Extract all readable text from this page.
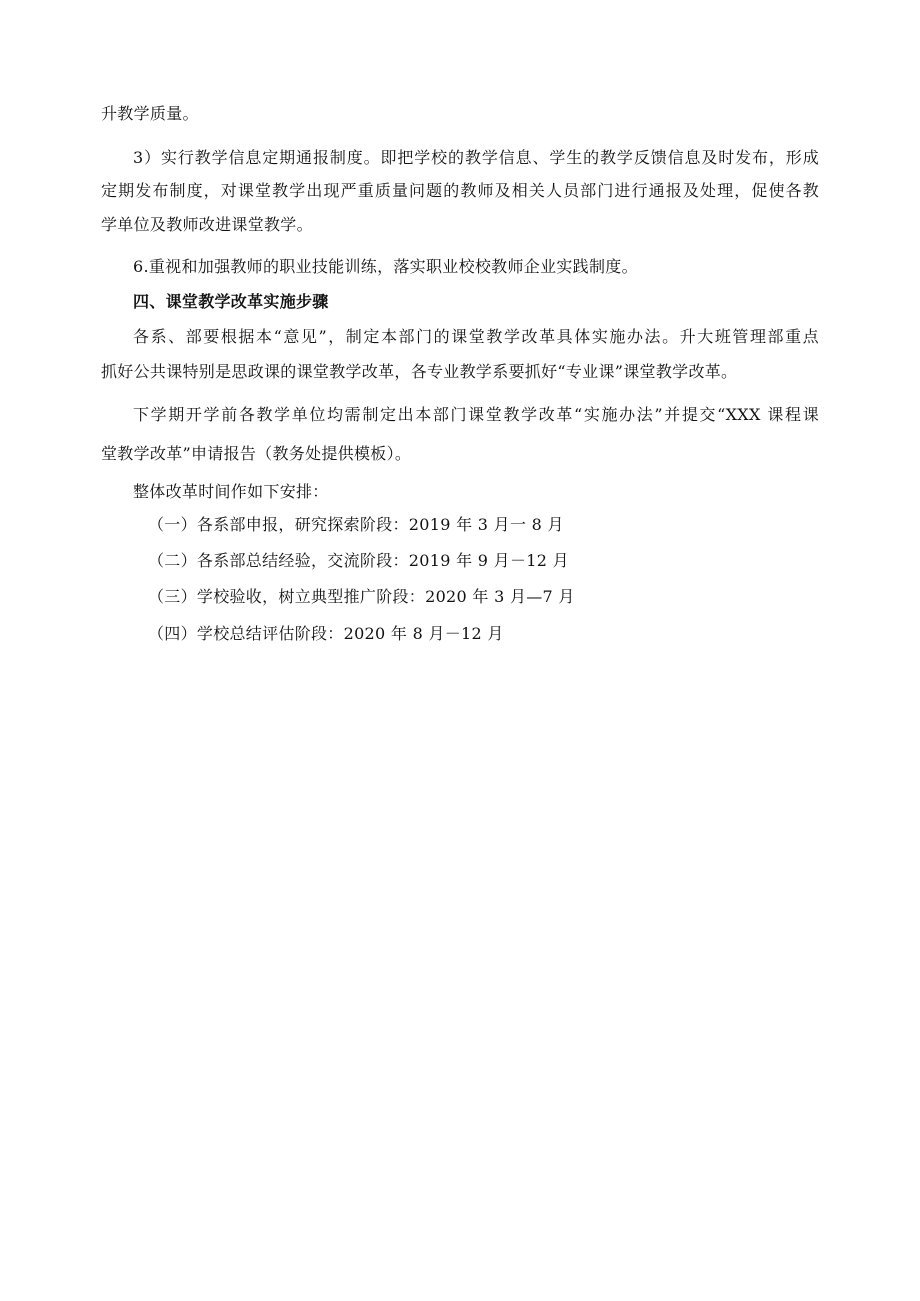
升教学质量。
3）实行教学信息定期通报制度。即把学校的教学信息、学生的教学反馈信息及时发布，形成
定期发布制度，对课堂教学出现严重质量问题的教师及相关人员部门进行通报及处理，促使各教
学单位及教师改进课堂教学。
6.重视和加强教师的职业技能训练，落实职业校校教师企业实践制度。
四、课堂教学改革实施步骤
各系、部要根据本“意见”，制定本部门的课堂教学改革具体实施办法。升大班管理部重点
抓好公共课特别是思政课的课堂教学改革，各专业教学系要抓好“专业课”课堂教学改革。
下学期开学前各教学单位均需制定出本部门课堂教学改革“实施办法”并提交“XXX 课程课
堂教学改革”申请报告（教务处提供模板）。
整体改革时间作如下安排：
（一）各系部申报，研究探索阶段：2019 年 3 月一 8 月
（二）各系部总结经验，交流阶段：2019 年 9 月－12 月
（三）学校验收，树立典型推广阶段：2020 年 3 月—7 月
（四）学校总结评估阶段：2020 年 8 月－12 月
